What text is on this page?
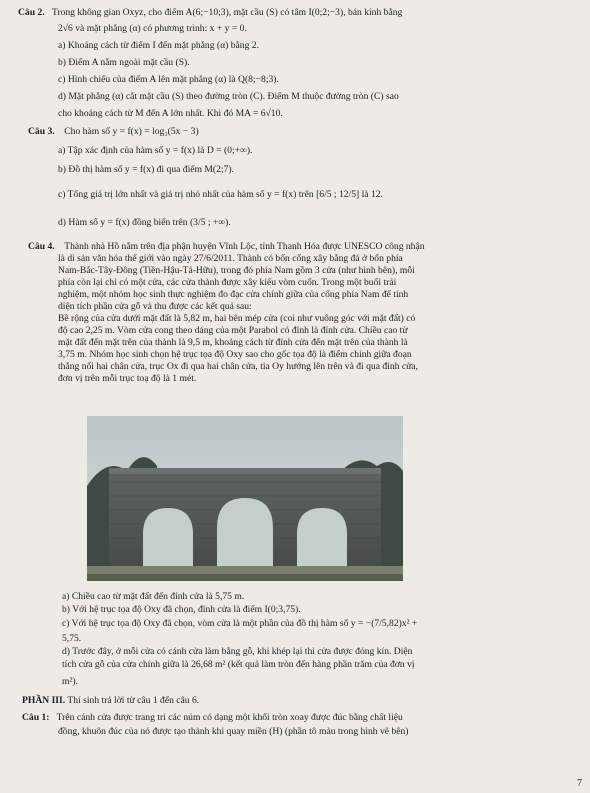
Câu 2. Trong không gian Oxyz, cho điểm A(6;−10;3), mặt cầu (S) có tâm I(0;2;−3), bán kính bằng
2√6 và mặt phẳng (α) có phương trình: x + y = 0.
a) Khoảng cách từ điểm I đến mặt phẳng (α) bằng 2.
b) Điểm A nằm ngoài mặt cầu (S).
c) Hình chiếu của điểm A lên mặt phẳng (α) là Q(8;−8;3).
d) Mặt phẳng (α) cắt mặt cầu (S) theo đường tròn (C). Điểm M thuộc đường tròn (C) sao
cho khoảng cách từ M đến A lớn nhất. Khi đó MA = 6√10.
Câu 3. Cho hàm số y = f(x) = log₃(5x − 3)
a) Tập xác định của hàm số y = f(x) là D = (0;+∞).
b) Đồ thị hàm số y = f(x) đi qua điểm M(2;7).
c) Tổng giá trị lớn nhất và giá trị nhỏ nhất của hàm số y = f(x) trên [6/5 ; 12/5] là 12.
d) Hàm số y = f(x) đồng biến trên (3/5 ; +∞).
Câu 4. Thành nhà Hồ nằm trên địa phận huyện Vĩnh Lộc, tỉnh Thanh Hóa được UNESCO công nhận
là di sản văn hóa thế giới vào ngày 27/6/2011. Thành có bốn cổng xây bằng đá ở bốn phía
Nam-Bắc-Tây-Đông (Tiền-Hậu-Tả-Hữu), trong đó phía Nam gồm 3 cửa (như hình bên), mỗi
phía còn lại chỉ có một cửa, các cửa thành được xây kiểu vòm cuốn. Trong một buổi trải
nghiệm, một nhóm học sinh thực nghiệm đo đạc cửa chính giữa của cổng phía Nam để tính
diện tích phần cửa gỗ và thu được các kết quả sau:
Bề rộng của cửa dưới mặt đất là 5,82 m, hai bên mép cửa (coi như vuông góc với mặt đất) có
độ cao 2,25 m. Vòm cửa cong theo dáng của một Parabol có đỉnh là đỉnh cửa. Chiều cao từ
mặt đất đến mặt trên của thành là 9,5 m, khoảng cách từ đỉnh cửa đến mặt trên của thành là
3,75 m. Nhóm học sinh chọn hệ trục tọa độ Oxy sao cho gốc tọa độ là điểm chính giữa đoạn
thẳng nối hai chân cửa, trục Ox đi qua hai chân cửa, tia Oy hướng lên trên và đi qua đỉnh cửa,
đơn vị trên mỗi trục toạ độ là 1 mét.
a) Chiều cao từ mặt đất đến đỉnh cửa là 5,75 m.
b) Với hệ trục tọa độ Oxy đã chọn, đỉnh cửa là điểm I(0;3,75).
c) Với hệ trục tọa độ Oxy đã chọn, vòm cửa là một phần của đồ thị hàm số y = −(7/5,82)x² +
5,75.
d) Trước đây, ở mỗi cửa có cánh cửa làm bằng gỗ, khi khép lại thì cửa được đóng kín. Diện
tích cửa gỗ của cửa chính giữa là 26,68 m² (kết quả làm tròn đến hàng phần trăm của đơn vị
m²).
PHẦN III. Thí sinh trả lời từ câu 1 đến câu 6.
Câu 1: Trên cánh cửa được trang trí các núm có dạng một khối tròn xoay được đúc bằng chất liệu
đồng, khuôn đúc của nó được tạo thành khi quay miền (H) (phần tô màu trong hình vẽ bên)
7
